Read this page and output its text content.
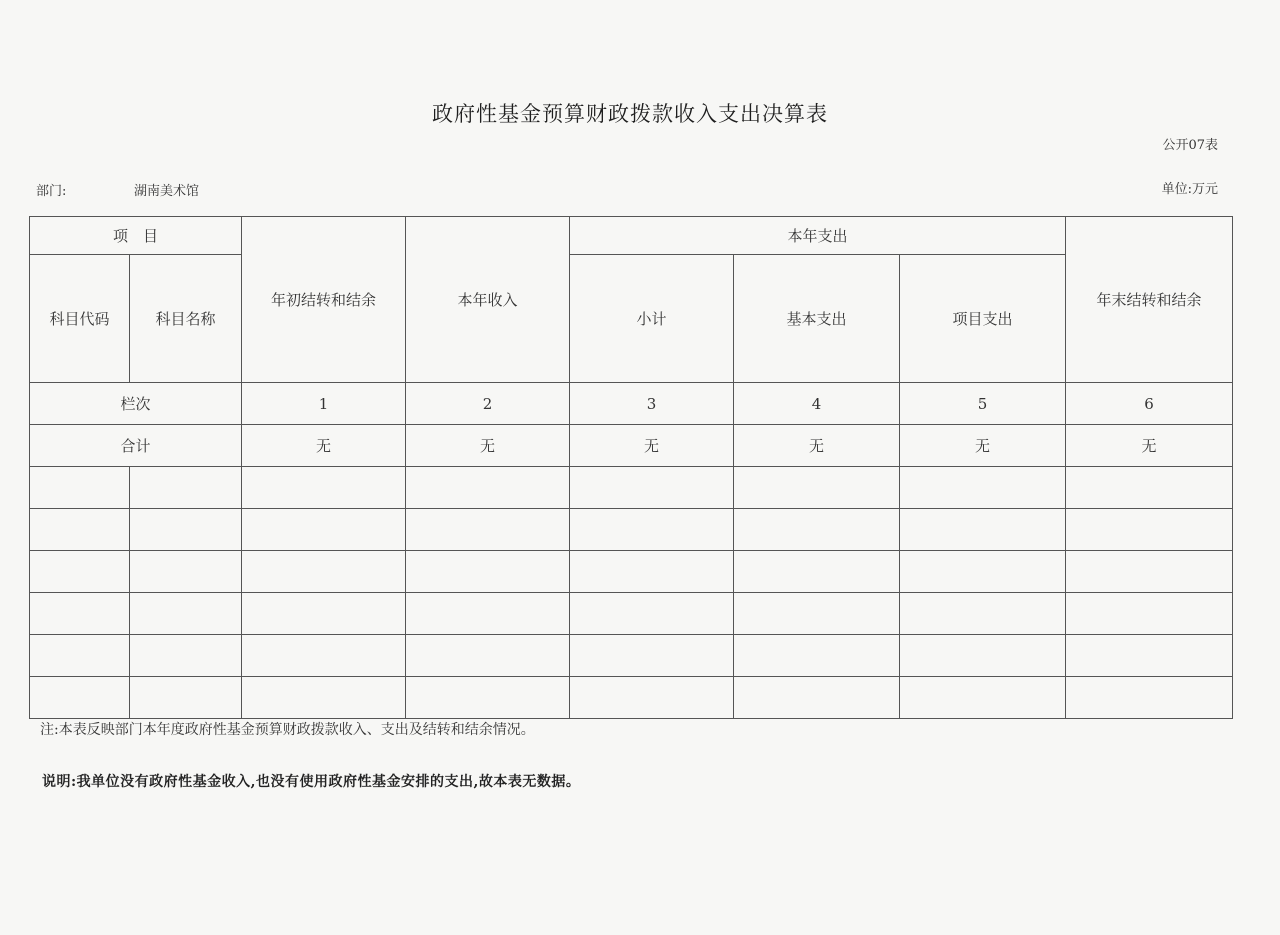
政府性基金预算财政拨款收入支出决算表
公开07表
部门:	湖南美术馆	单位:万元
项　目		年初结转和结余	本年收入	本年支出			年末结转和结余
科目代码	科目名称			小计	基本支出	项目支出	

栏次		1	2	3	4	5	6
合计		无	无	无	无	无	无

注:本表反映部门本年度政府性基金预算财政拨款收入、支出及结转和结余情况。
说明:我单位没有政府性基金收入,也没有使用政府性基金安排的支出,故本表无数据。
